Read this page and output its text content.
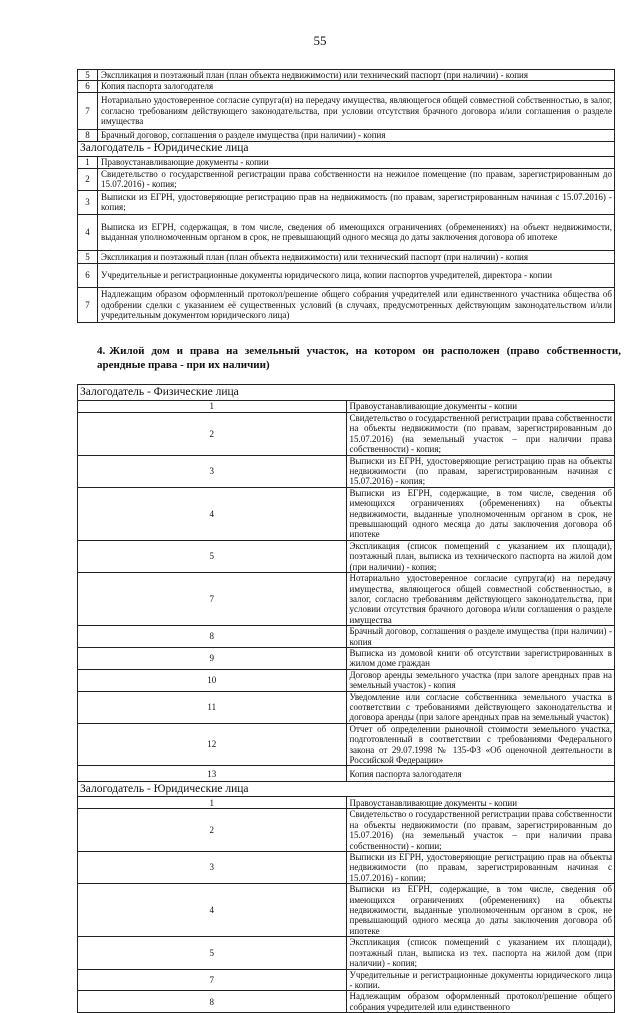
55
5	Экспликация и поэтажный план (план объекта недвижимости) или технический паспорт (при наличии) - копия
6	Копия паспорта залогодателя
7	Нотариально удостоверенное согласие супруга(и) на передачу имущества, являющегося общей совместной собственностью, в залог, согласно требованиям действующего законодательства, при условии отсутствия брачного договора и/или соглашения о разделе имущества
8	Брачный договор, соглашения о разделе имущества (при наличии) - копия
Залогодатель - Юридические лица	
1	Правоустанавливающие документы - копии
2	Свидетельство о государственной регистрации права собственности на нежилое помещение (по правам, зарегистрированным до 15.07.2016) - копия;
3	Выписки из ЕГРН, удостоверяющие регистрацию прав на недвижимость (по правам, зарегистрированным начиная с 15.07.2016) - копия;
4	Выписка из ЕГРН, содержащая, в том числе, сведения об имеющихся ограничениях (обременениях) на объект недвижимости, выданная уполномоченным органом в срок, не превышающий одного месяца до даты заключения договора об ипотеке
5	Экспликация и поэтажный план (план объекта недвижимости) или технический паспорт (при наличии) - копия
6	Учредительные и регистрационные документы юридического лица, копии паспортов учредителей, директора - копии
7	Надлежащим образом оформленный протокол/решение общего собрания учредителей или единственного участника общества об одобрении сделки с указанием её существенных условий (в случаях, предусмотренных действующим законодательством и/или учредительным документом юридического лица)
4. Жилой дом и права на земельный участок, на котором он расположен (право собственности, арендные права - при их наличии)
Залогодатель - Физические лица	
1	Правоустанавливающие документы - копии
2	Свидетельство о государственной регистрации права собственности на объекты недвижимости (по правам, зарегистрированным до 15.07.2016) (на земельный участок – при наличии права собственности) - копия;
3	Выписки из ЕГРН, удостоверяющие регистрацию прав на объекты недвижимости (по правам, зарегистрированным начиная с 15.07.2016) - копия;
4	Выписки из ЕГРН, содержащие, в том числе, сведения об имеющихся ограничениях (обременениях) на объекты недвижимости, выданные уполномоченным органом в срок, не превышающий одного месяца до даты заключения договора об ипотеке
5	Экспликация (список помещений с указанием их площади), поэтажный план, выписка из технического паспорта на жилой дом (при наличии) - копия;
7	Нотариально удостоверенное согласие супруга(и) на передачу имущества, являющегося общей совместной собственностью, в залог, согласно требованиям действующего законодательства, при условии отсутствия брачного договора и/или соглашения о разделе имущества
8	Брачный договор, соглашения о разделе имущества (при наличии) - копия
9	Выписка из домовой книги об отсутствии зарегистрированных в жилом доме граждан
10	Договор аренды земельного участка (при залоге арендных прав на земельный участок) - копия
11	Уведомление или согласие собственника земельного участка в соответствии с требованиями действующего законодательства и договора аренды (при залоге арендных прав на земельный участок)
12	Отчет об определении рыночной стоимости земельного участка, подготовленный в соответствии с требованиями Федерального закона от 29.07.1998 № 135-ФЗ «Об оценочной деятельности в Российской Федерации»
13	Копия паспорта залогодателя
Залогодатель - Юридические лица	
1	Правоустанавливающие документы - копии
2	Свидетельство о государственной регистрации права собственности на объекты недвижимости (по правам, зарегистрированным до 15.07.2016) (на земельный участок – при наличии права собственности) - копии;
3	Выписки из ЕГРН, удостоверяющие регистрацию прав на объекты недвижимости (по правам, зарегистрированным начиная с 15.07.2016) - копии;
4	Выписки из ЕГРН, содержащие, в том числе, сведения об имеющихся ограничениях (обременениях) на объекты недвижимости, выданные уполномоченным органом в срок, не превышающий одного месяца до даты заключения договора об ипотеке
5	Экспликация (список помещений с указанием их площади), поэтажный план, выписка из тех. паспорта на жилой дом (при наличии) - копия;
7	Учредительные и регистрационные документы юридического лица - копии.
8	Надлежащим образом оформленный протокол/решение общего собрания учредителей или единственного
